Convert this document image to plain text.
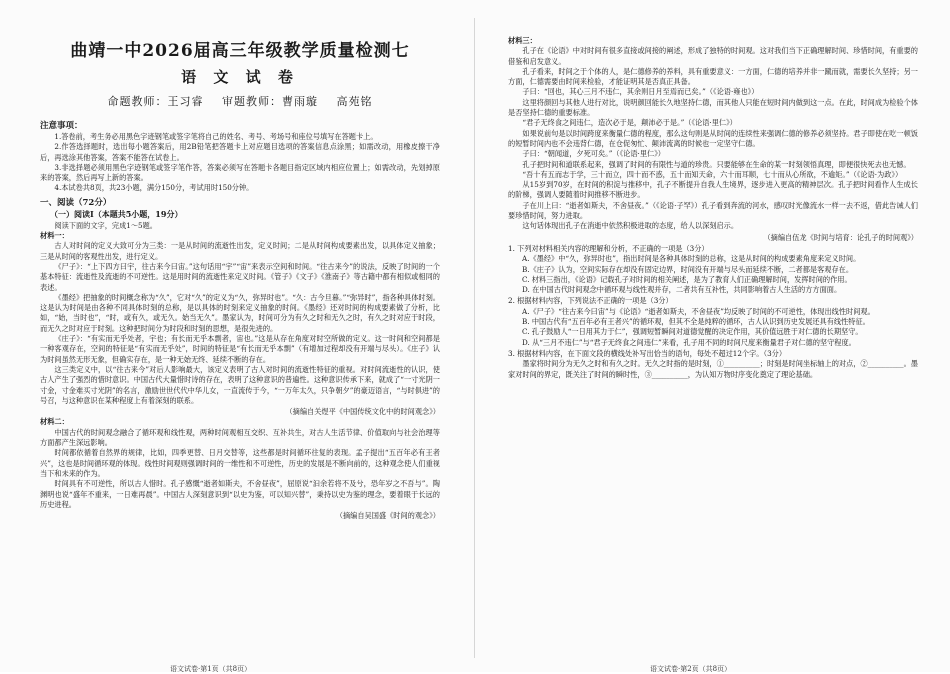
曲靖一中2026届高三年级教学质量检测七
语 文 试 卷
命题教师：王习睿 审题教师：曹雨璇 高苑铭
注意事项：

1.答卷前，考生务必用黑色字迹钢笔或签字笔将自己的姓名、考号、考场号和座位号填写在答题卡上。

2.作答选择题时，选出每小题答案后，用2B铅笔把答题卡上对应题目选项的答案信息点涂黑；如需改动，用橡皮擦干净后，再选涂其他答案，答案不能答在试卷上。

3.非选择题必须用黑色字迹钢笔或签字笔作答，答案必须写在答题卡各题目指定区域内相应位置上；如需改动，先划掉原来的答案，然后再写上新的答案。

4.本试卷共8页，共23小题，满分150分，考试用时150分钟。

一、阅读（72分）
（一）阅读Ⅰ（本题共5小题，19分）

阅读下面的文字，完成1～5题。

材料一：

古人对时间的定义大致可分为三类：一是从时间的流逝性出发，定义时间；二是从时间构成要素出发，以具体定义抽象；三是从时间的客观性出发，进行定义。

《尸子》：“上下四方曰宇，往古来今曰宙。”这句话用“宇”“宙”来表示空间和时间。“往古来今”的说法，反映了时间的一个基本特征：流逝性及流逝的不可逆性。这是用时间的流逝性来定义时间。《管子》《文子》《淮南子》等古籍中都有相似或相同的表述。

《墨经》把抽象的时间概念称为“久”，它对“久”的定义为“久，弥异时也”。“久：古今旦暮。”“弥异时”，指各种具体时刻。这是认为时间是由各种不同具体时刻的总称，是以具体的时刻来定义抽象的时间。《墨经》还对时间的构成要素做了分析，比如，“始，当时也”，“时，或有久，或无久。始当无久”。墨家认为，时间可分为有久之时和无久之时，有久之时对应于时段，而无久之时对应于时刻。这种把时间分为时段和时刻的思想，是很先进的。

《庄子》：“有实而无乎处者，宇也；有长而无乎本剽者，宙也。”这是从存在角度对时空所做的定义。这一时间和空间都是一种客观存在，空间的特征是“有实而无乎处”，时间的特征是“有长而无乎本剽”（有增加过程却没有开端与尽头）。《庄子》认为时间虽然无形无象，但确实存在，是一种无始无终、延续不断的存在。

这三类定义中，以“往古来今”对后人影响最大，该定义表明了古人对时间的流逝性特征的重视。对时间流逝性的认识，使古人产生了强烈的惜时意识。中国古代大量惜时诗的存在，表明了这种意识的普遍性。这种意识传承下来，就成了“一寸光阴一寸金，寸金难买寸光阴”的名言，激励世世代代中华儿女，一直流传于今，“一万年太久，只争朝夕”的豪迈语言，“与时俱进”的号召，与这种意识在某种程度上有着深刻的联系。

（摘编自关煜平《中国传统文化中的时间观念》）

材料二：

中国古代的时间观念融合了循环观和线性观，两种时间观相互交织、互补共生，对古人生活节律、价值取向与社会治理等方面都产生深远影响。

时间都依循着自然界的规律，比如，四季更替、日月交替等，这些都是时间循环往复的表现。孟子提出“五百年必有王者兴”，这也是时间循环观的体现。线性时间观则强调时间的一维性和不可逆性，历史的发展是不断向前的，这种观念使人们重视当下和未来的作为。

时间具有不可逆性，所以古人惜时。孔子感慨“逝者如斯夫，不舍昼夜”，屈原说“汩余若将不及兮，恐年岁之不吾与”。陶渊明也说“盛年不重来，一日难再晨”。中国古人深刻意识到“以史为鉴，可以知兴替”，秉持以史为鉴的理念，要着眼于长远的历史进程。

（摘编自吴国盛《时间的观念》）

材料三：

孔子在《论语》中对时间有很多直接或间接的阐述，形成了独特的时间观。这对我们当下正确理解时间、珍惜时间，有重要的借鉴和启发意义。

孔子看来，时间之于个体的人，是仁德修养的养料，具有重要意义：一方面，仁德的培养并非一蹴而就，需要长久坚持；另一方面，仁德需要由时间来检验，才能证明其是否真正具备。

子曰：“回也，其心三月不违仁，其余则日月至焉而已矣。”（《论语·雍也》）

这里将颜回与其他人进行对比，说明颜回能长久地坚持仁德，而其他人只能在短时间内做到这一点。在此，时间成为检验个体是否坚持仁德的重要标准。

“君子无终食之间违仁，造次必于是，颠沛必于是。”（《论语·里仁》）

如果说前句是以时间跨度来衡量仁德的程度，那么这句则是从时间的连续性来强调仁德的修养必须坚持。君子即使在吃一顿饭的短暂时间内也不会违背仁德，在仓促匆忙、颠沛流离的时候也一定坚守仁德。

子曰：“朝闻道，夕死可矣。”（《论语·里仁》）

孔子把时间和道联系起来，强调了时间的有限性与道的珍贵。只要能够在生命的某一时刻领悟真理，即便很快死去也无憾。

“吾十有五而志于学，三十而立，四十而不惑，五十而知天命，六十而耳顺，七十而从心所欲，不逾矩。”（《论语·为政》）

从15岁到70岁，在时间的积淀与推移中，孔子不断提升自我人生境界，逐步进入更高的精神层次。孔子把时间看作人生成长的阶梯，强调人要随着时间推移不断进步。

子在川上曰：“逝者如斯夫，不舍昼夜。”（《论语·子罕》）孔子看到奔流的河水，感叹时光像流水一样一去不返，借此告诫人们要珍惜时间，努力进取。

这句话体现出孔子在消逝中依然积极进取的态度，给人以深刻启示。

（摘编自伍龙《时间与培育：论孔子的时间观》）

1. 下列对材料相关内容的理解和分析，不正确的一项是（3分）

A.《墨经》中“久，弥异时也”，指出时间是各种具体时刻的总称，这是从时间的构成要素角度来定义时间。

B.《庄子》认为，空间实际存在却没有固定边界，时间没有开端与尽头而延续不断，二者都是客观存在。

C. 材料三指出，《论语》记载孔子对时间的相关阐述，是为了教育人们正确理解时间，发挥时间的作用。

D. 在中国古代时间观念中循环观与线性观并存，二者共有互补性，共同影响着古人生活的方方面面。

2. 根据材料内容，下列说法不正确的一项是（3分）

A.《尸子》“往古来今曰宙”与《论语》“逝者如斯夫，不舍昼夜”均反映了时间的不可逆性，体现出线性时间观。

B. 中国古代有“五百年必有王者兴”的循环观，但其不全是纯粹的循环，古人认识到历史发展还具有线性特征。

C. 孔子鼓励人“一日用其力于仁”，强调短暂瞬间对道德觉醒的决定作用，其价值远胜于对仁德的长期坚守。

D. 从“三月不违仁”与“君子无终食之间违仁”来看，孔子用不同的时间尺度来衡量君子对仁德的坚守程度。

3. 根据材料内容，在下面文段的横线处补写出恰当的语句，每处不超过12个字。（3分）

墨家将时间分为无久之时和有久之时。无久之时指的是时刻，①__________；时刻是时间坐标轴上的对点，②__________。墨家对时间的界定，既关注了时间的瞬时性，③__________，为认知万物时序变化奠定了理论基础。

语文试卷·第1页（共8页）	语文试卷·第2页（共8页）
